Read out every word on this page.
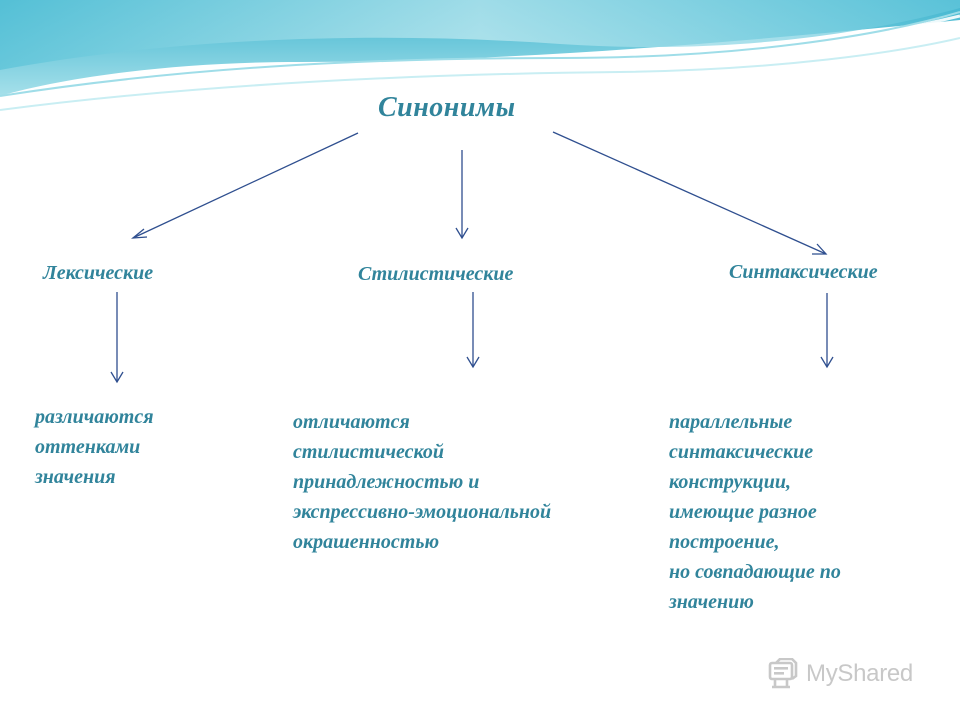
Синонимы

Лексические	Стилистические	Синтаксические

различаются
оттенками
значения
отличаются
стилистической
принадлежностью и
экспрессивно-эмоциональной
окрашенностью
параллельные
синтаксические
конструкции,
имеющие разное
построение,
но совпадающие по
значению
MyShared
